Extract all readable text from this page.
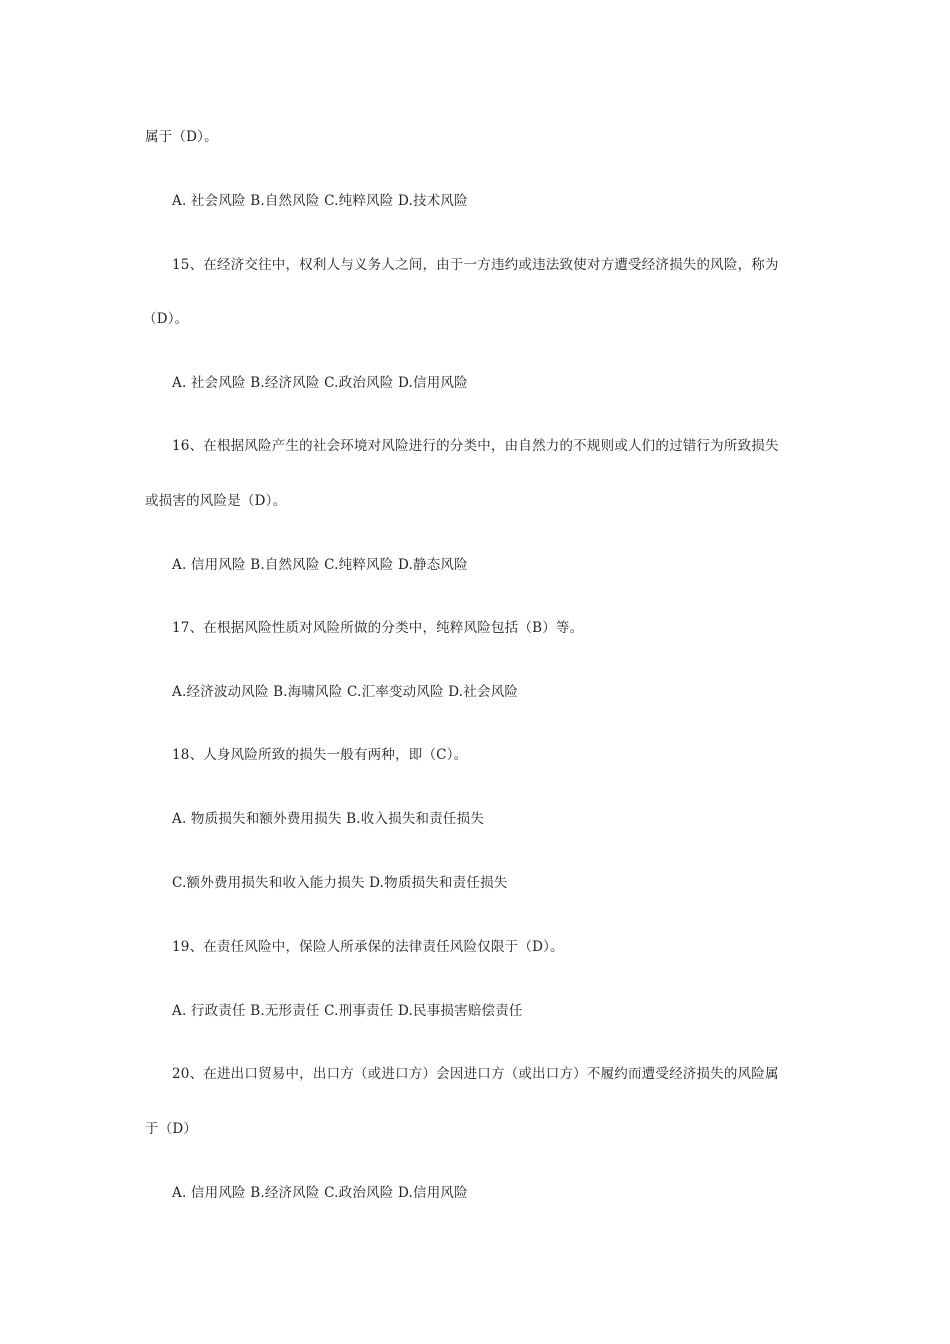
属于（D）。
A. 社会风险 B.自然风险 C.纯粹风险 D.技术风险
15、在经济交往中，权利人与义务人之间，由于一方违约或违法致使对方遭受经济损失的风险，称为
（D）。
A. 社会风险 B.经济风险 C.政治风险 D.信用风险
16、在根据风险产生的社会环境对风险进行的分类中，由自然力的不规则或人们的过错行为所致损失
或损害的风险是（D）。
A. 信用风险 B.自然风险 C.纯粹风险 D.静态风险
17、在根据风险性质对风险所做的分类中，纯粹风险包括（B）等。
A.经济波动风险 B.海啸风险 C.汇率变动风险 D.社会风险
18、人身风险所致的损失一般有两种，即（C）。
A. 物质损失和额外费用损失 B.收入损失和责任损失
C.额外费用损失和收入能力损失 D.物质损失和责任损失
19、在责任风险中，保险人所承保的法律责任风险仅限于（D）。
A. 行政责任 B.无形责任 C.刑事责任 D.民事损害赔偿责任
20、在进出口贸易中，出口方（或进口方）会因进口方（或出口方）不履约而遭受经济损失的风险属
于（D）
A. 信用风险 B.经济风险 C.政治风险 D.信用风险
